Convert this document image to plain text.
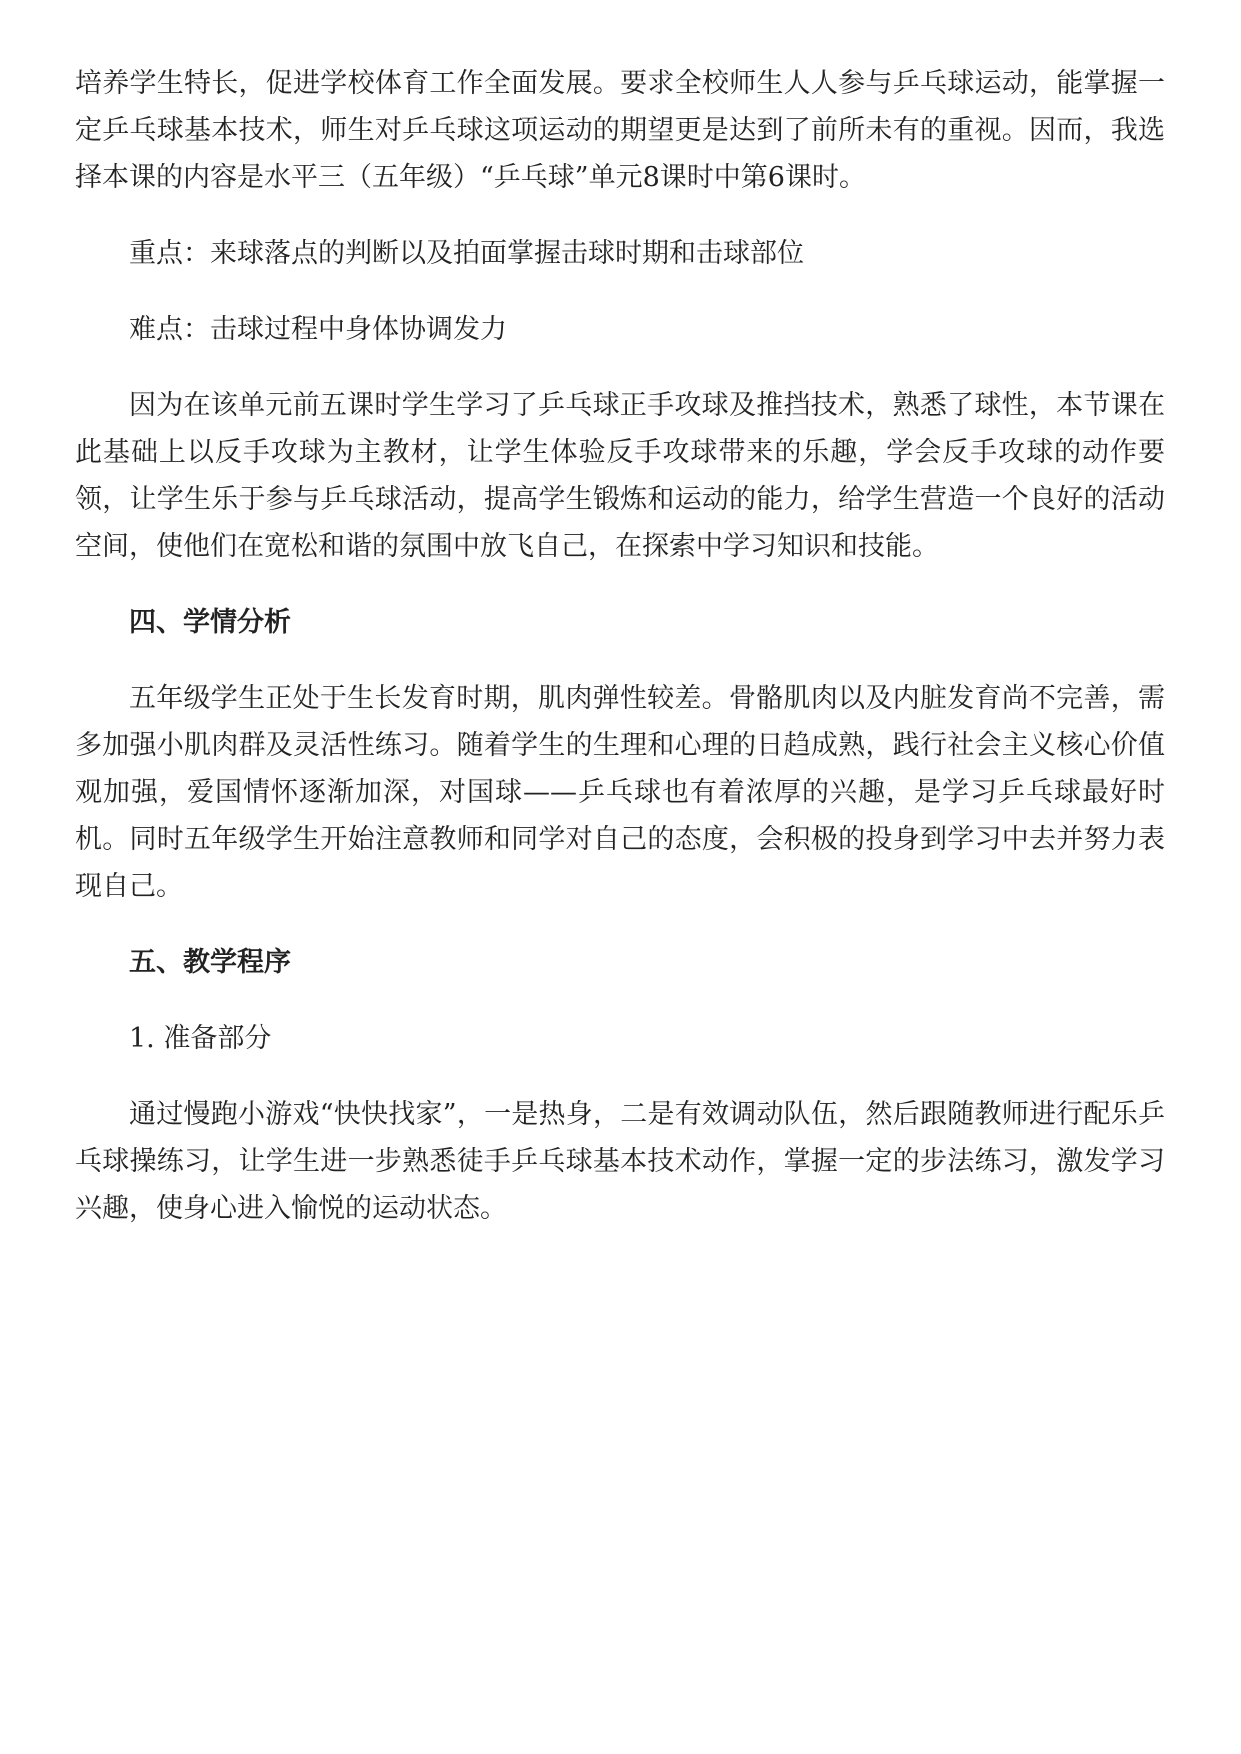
培养学生特长，促进学校体育工作全面发展。要求全校师生人人参与乒乓球运动，能掌握一定乒乓球基本技术，师生对乒乓球这项运动的期望更是达到了前所未有的重视。因而，我选择本课的内容是水平三（五年级）“乒乓球”单元8课时中第6课时。

重点：来球落点的判断以及拍面掌握击球时期和击球部位

难点：击球过程中身体协调发力

因为在该单元前五课时学生学习了乒乓球正手攻球及推挡技术，熟悉了球性，本节课在此基础上以反手攻球为主教材，让学生体验反手攻球带来的乐趣，学会反手攻球的动作要领，让学生乐于参与乒乓球活动，提高学生锻炼和运动的能力，给学生营造一个良好的活动空间，使他们在宽松和谐的氛围中放飞自己，在探索中学习知识和技能。

四、学情分析

五年级学生正处于生长发育时期，肌肉弹性较差。骨骼肌肉以及内脏发育尚不完善，需多加强小肌肉群及灵活性练习。随着学生的生理和心理的日趋成熟，践行社会主义核心价值观加强，爱国情怀逐渐加深，对国球——乒乓球也有着浓厚的兴趣，是学习乒乓球最好时机。同时五年级学生开始注意教师和同学对自己的态度，会积极的投身到学习中去并努力表现自己。

五、教学程序

1. 准备部分

通过慢跑小游戏“快快找家”，一是热身，二是有效调动队伍，然后跟随教师进行配乐乒乓球操练习，让学生进一步熟悉徒手乒乓球基本技术动作，掌握一定的步法练习，激发学习兴趣，使身心进入愉悦的运动状态。
